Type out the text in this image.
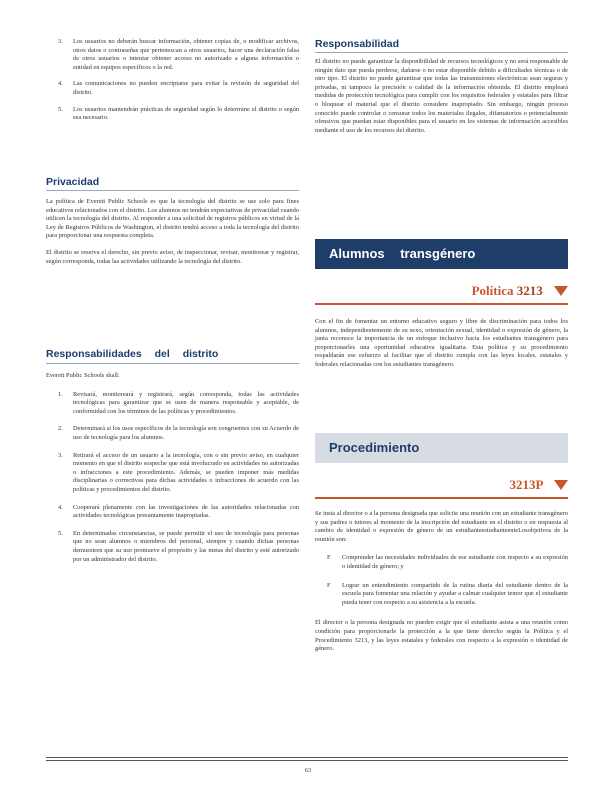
3. Los usuarios no deberán buscar información, obtener copias de, o modificar archivos, otros datos o contraseñas que pertenezcan a otros usuarios, hacer una declaración falsa de otros usuarios o intentar obtener acceso no autorizado a alguna información o entidad en equipos específicos o la red.
4. Las comunicaciones no pueden encriptarse para evitar la revisión de seguridad del distrito.
5. Los usuarios mantendrán prácticas de seguridad según lo determine el distrito o según sea necesario.
Privacidad

La política de Everett Public Schools es que la tecnología del distrito se use solo para fines educativos relacionados con el distrito. Los alumnos no tendrán expectativas de privacidad cuando utilicen la tecnología del distrito. Al responder a una solicitud de registros públicos en virtud de la Ley de Registros Públicos de Washington, el distrito tendrá acceso a toda la tecnología del distrito para proporcionar una respuesta completa.

El distrito se reserva el derecho, sin previo aviso, de inspeccionar, revisar, monitorear y registrar, según corresponda, todas las actividades utilizando la tecnología del distrito.

Responsabilidades del distrito

Everett Public Schools shall:

1. Revisará, monitoreará y registrará, según corresponda, todas las actividades tecnológicas para garantizar que se usen de manera responsable y aceptable, de conformidad con los términos de las políticas y procedimientos.
2. Determinará si los usos específicos de la tecnología son congruentes con su Acuerdo de uso de tecnología para los alumnos.
3. Retirará el acceso de un usuario a la tecnología, con o sin previo aviso, en cualquier momento en que el distrito sospeche que está involucrado en actividades no autorizadas o infracciones a este procedimiento. Además, se pueden imponer más medidas disciplinarias o correctivas para dichas actividades o infracciones de acuerdo con las políticas y procedimientos del distrito.
4. Cooperará plenamente con las investigaciones de las autoridades relacionadas con actividades tecnológicas presuntamente inapropiadas.
5. En determinadas circunstancias, se puede permitir el uso de tecnología para personas que no sean alumnos o miembros del personal, siempre y cuando dichas personas demuestren que su uso promueve el propósito y las metas del distrito y esté autorizado por un administrador del distrito.
Responsabilidad

El distrito no puede garantizar la disponibilidad de recursos tecnológicos y no será responsable de ningún dato que pueda perderse, dañarse o no estar disponible debido a dificultades técnicas o de otro tipo. El distrito no puede garantizar que todas las transmisiones electrónicas sean seguras y privadas, ni tampoco la precisión o calidad de la información obtenida. El distrito empleará medidas de protección tecnológica para cumplir con los requisitos federales y estatales para filtrar o bloquear el material que el distrito considere inapropiado. Sin embargo, ningún proceso conocido puede controlar o censurar todos los materiales ilegales, difamatorios o potencialmente ofensivos que puedan estar disponibles para el usuario en los sistemas de información accesibles mediante el uso de los recursos del distrito.

Alumnos transgénero
Política 3213

Con el fin de fomentar un entorno educativo seguro y libre de discriminación para todos los alumnos, independientemente de su sexo, orientación sexual, identidad o expresión de género, la junta reconoce la importancia de un enfoque inclusivo hacia los estudiantes transgénero para proporcionarles una oportunidad educativa igualitaria. Esta política y su procedimiento respaldarán ese esfuerzo al facilitar que el distrito cumpla con las leyes locales, estatales y federales relacionadas con los estudiantes transgénero.

Procedimiento
3213P

Se insta al director o a la persona designada que solicite una reunión con un estudiante transgénero y sus padres o tutores al momento de la inscripción del estudiante en el distrito o en respuesta al cambio de identidad o expresión de género de un estudianteestudianteenteLosobjetivos de la reunión son:

F Comprender las necesidades individuales de ese estudiante con respecto a su expresión o identidad de género; y
F Lograr un entendimiento compartido de la rutina diaria del estudiante dentro de la escuela para fomentar una relación y ayudar a calmar cualquier temor que el estudiante pueda tener con respecto a su asistencia a la escuela.

El director o la persona designada no pueden exigir que el estudiante asista a una reunión como condición para proporcionarle la protección a la que tiene derecho según la Política y el Procedimiento 3213, y las leyes estatales y federales con respecto a la expresión o identidad de género.

63
